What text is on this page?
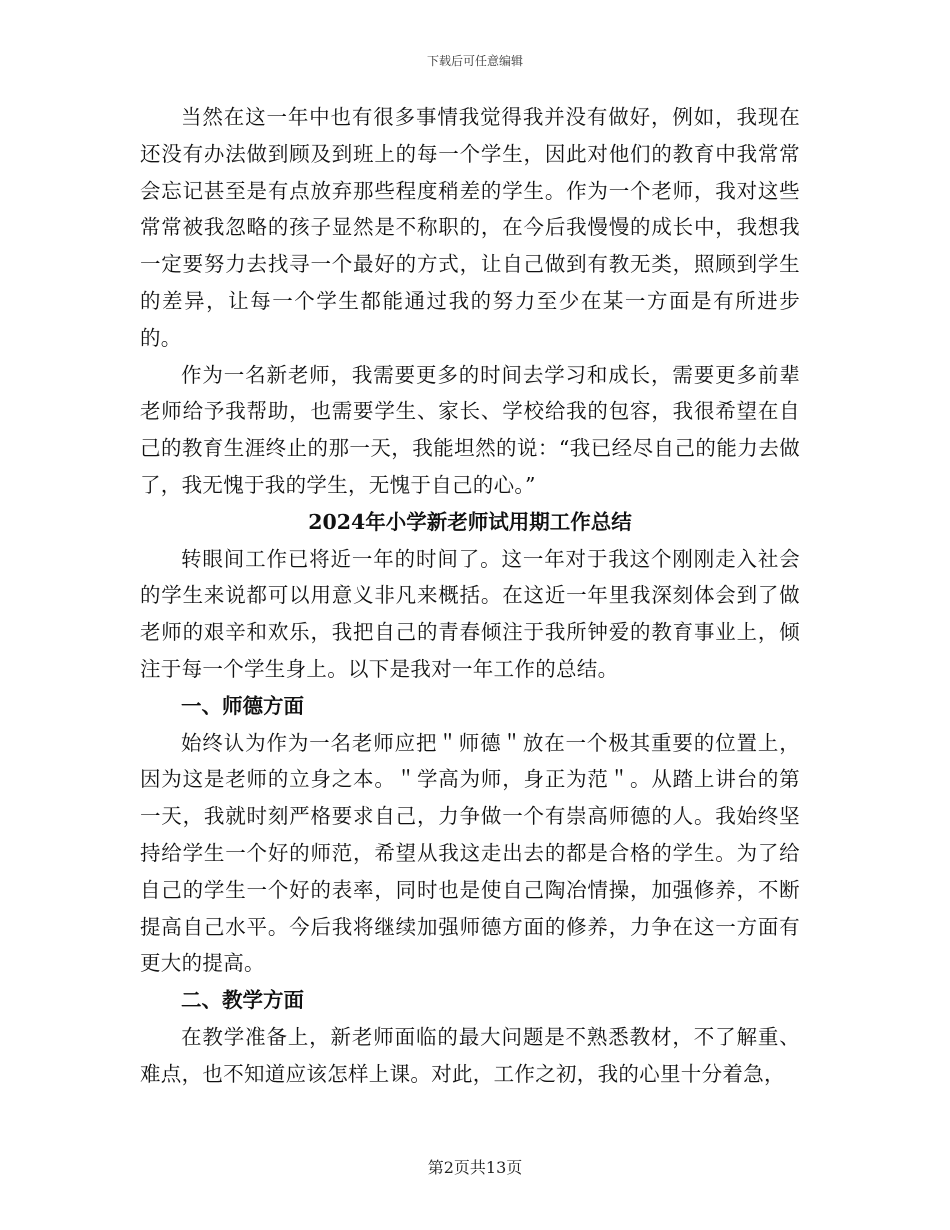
下载后可任意编辑

当然在这一年中也有很多事情我觉得我并没有做好，例如，我现在还没有办法做到顾及到班上的每一个学生，因此对他们的教育中我常常会忘记甚至是有点放弃那些程度稍差的学生。作为一个老师，我对这些常常被我忽略的孩子显然是不称职的，在今后我慢慢的成长中，我想我一定要努力去找寻一个最好的方式，让自己做到有教无类，照顾到学生的差异，让每一个学生都能通过我的努力至少在某一方面是有所进步的。

作为一名新老师，我需要更多的时间去学习和成长，需要更多前辈老师给予我帮助，也需要学生、家长、学校给我的包容，我很希望在自己的教育生涯终止的那一天，我能坦然的说：“我已经尽自己的能力去做了，我无愧于我的学生，无愧于自己的心。”

2024年小学新老师试用期工作总结

转眼间工作已将近一年的时间了。这一年对于我这个刚刚走入社会的学生来说都可以用意义非凡来概括。在这近一年里我深刻体会到了做老师的艰辛和欢乐，我把自己的青春倾注于我所钟爱的教育事业上，倾注于每一个学生身上。以下是我对一年工作的总结。

一、师德方面

始终认为作为一名老师应把＂师德＂放在一个极其重要的位置上，因为这是老师的立身之本。＂学高为师，身正为范＂。从踏上讲台的第一天，我就时刻严格要求自己，力争做一个有崇高师德的人。我始终坚持给学生一个好的师范，希望从我这走出去的都是合格的学生。为了给自己的学生一个好的表率，同时也是使自己陶冶情操，加强修养，不断提高自己水平。今后我将继续加强师德方面的修养，力争在这一方面有更大的提高。

二、教学方面

在教学准备上，新老师面临的最大问题是不熟悉教材，不了解重、难点，也不知道应该怎样上课。对此，工作之初，我的心里十分着急，

第2页共13页
